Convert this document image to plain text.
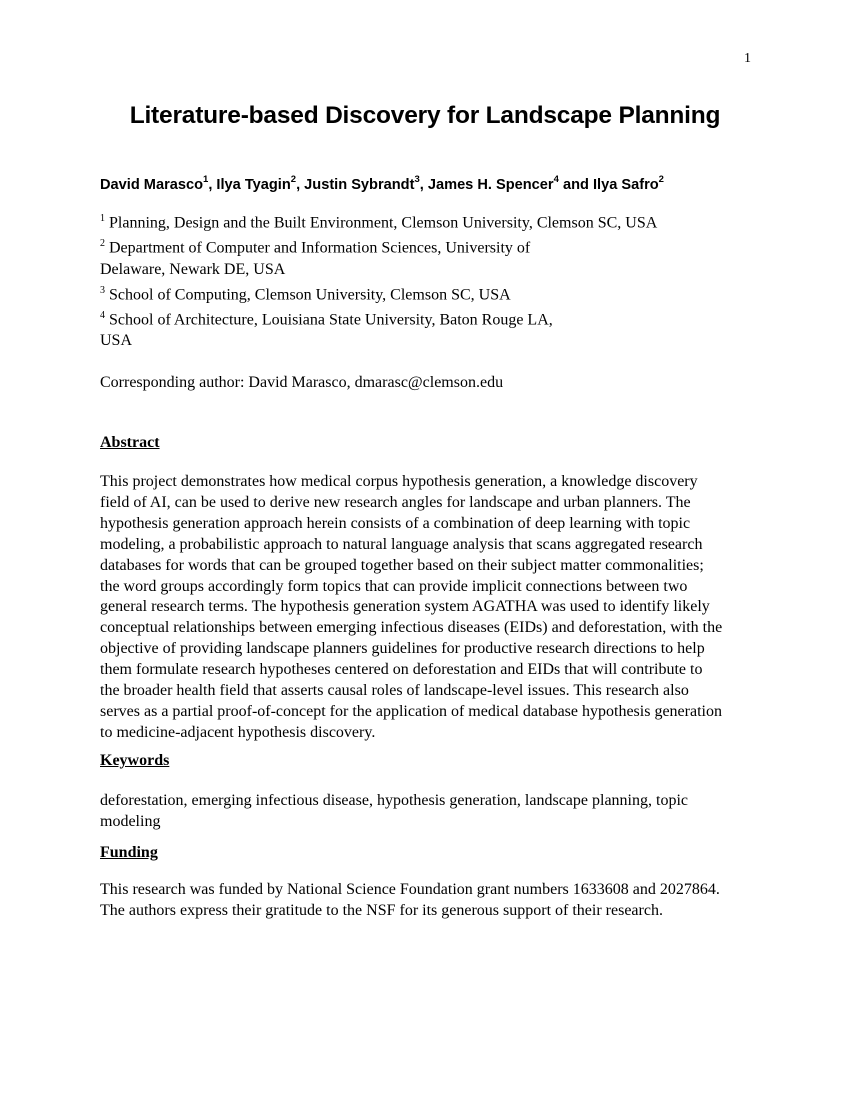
1
Literature-based Discovery for Landscape Planning
David Marasco$^1$, Ilya Tyagin$^2$, Justin Sybrandt$^3$, James H. Spencer$^4$ and Ilya Safro$^2$
$^1$ Planning, Design and the Built Environment, Clemson University, Clemson SC, USA
$^2$ Department of Computer and Information Sciences, University of Delaware, Newark DE, USA
$^3$ School of Computing, Clemson University, Clemson SC, USA
$^4$ School of Architecture, Louisiana State University, Baton Rouge LA, USA
Corresponding author: David Marasco, dmarasc@clemson.edu
Abstract
This project demonstrates how medical corpus hypothesis generation, a knowledge discovery
field of AI, can be used to derive new research angles for landscape and urban planners. The
hypothesis generation approach herein consists of a combination of deep learning with topic
modeling, a probabilistic approach to natural language analysis that scans aggregated research
databases for words that can be grouped together based on their subject matter commonalities;
the word groups accordingly form topics that can provide implicit connections between two
general research terms. The hypothesis generation system AGATHA was used to identify likely
conceptual relationships between emerging infectious diseases (EIDs) and deforestation, with the
objective of providing landscape planners guidelines for productive research directions to help
them formulate research hypotheses centered on deforestation and EIDs that will contribute to
the broader health field that asserts causal roles of landscape-level issues. This research also
serves as a partial proof-of-concept for the application of medical database hypothesis generation
to medicine-adjacent hypothesis discovery.
Keywords
deforestation, emerging infectious disease, hypothesis generation, landscape planning, topic
modeling
Funding
This research was funded by National Science Foundation grant numbers 1633608 and 2027864.
The authors express their gratitude to the NSF for its generous support of their research.
